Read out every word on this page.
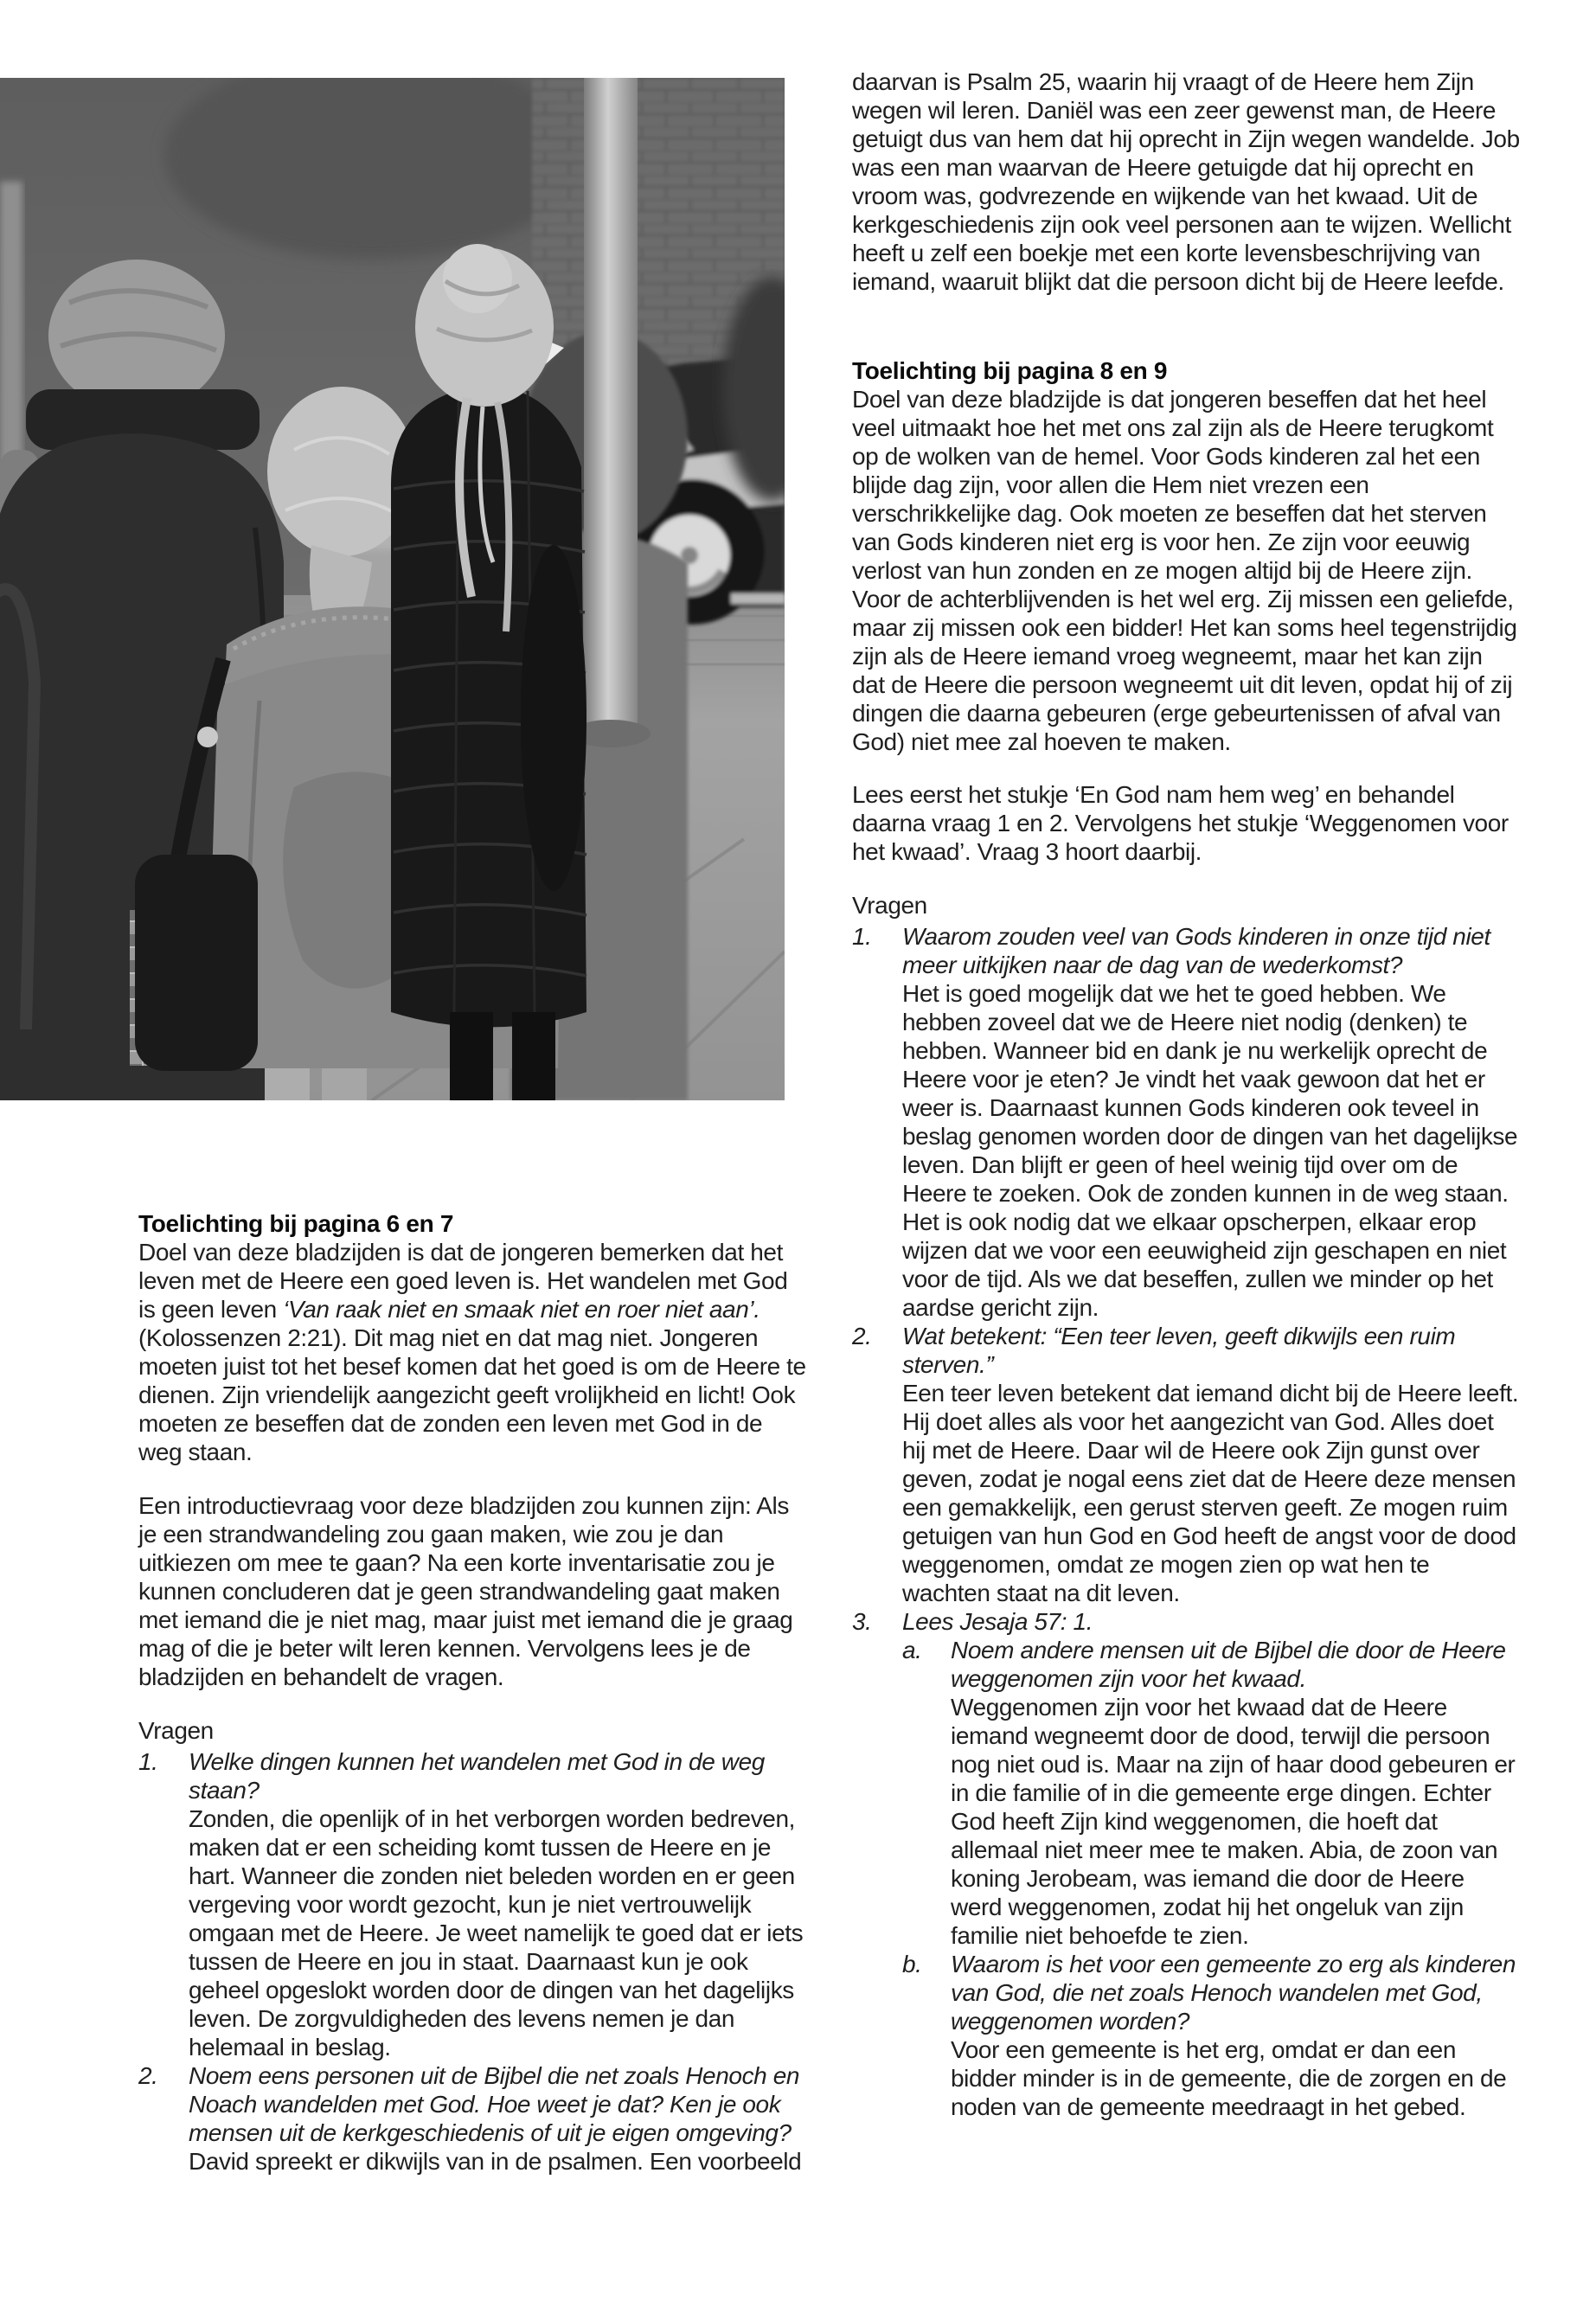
Toelichting bij pagina 6 en 7

Doel van deze bladzijden is dat de jongeren bemerken dat het leven met de Heere een goed leven is. Het wandelen met God is geen leven ‘Van raak niet en smaak niet en roer niet aan’. (Kolossenzen 2:21). Dit mag niet en dat mag niet. Jongeren moeten juist tot het besef komen dat het goed is om de Heere te dienen. Zijn vriendelijk aangezicht geeft vrolijkheid en licht! Ook moeten ze beseffen dat de zonden een leven met God in de weg staan.

Een introductievraag voor deze bladzijden zou kunnen zijn: Als je een strandwandeling zou gaan maken, wie zou je dan uitkiezen om mee te gaan? Na een korte inventarisatie zou je kunnen concluderen dat je geen strandwandeling gaat maken met iemand die je niet mag, maar juist met iemand die je graag mag of die je beter wilt leren kennen. Vervolgens lees je de bladzijden en behandelt de vragen.

Vragen

1.	Welke dingen kunnen het wandelen met God in de weg staan?

Zonden, die openlijk of in het verborgen worden bedreven, maken dat er een scheiding komt tussen de Heere en je hart. Wanneer die zonden niet beleden worden en er geen vergeving voor wordt gezocht, kun je niet vertrouwelijk omgaan met de Heere. Je weet namelijk te goed dat er iets tussen de Heere en jou in staat. Daarnaast kun je ook geheel opgeslokt worden door de dingen van het dagelijks leven. De zorgvuldigheden des levens nemen je dan helemaal in beslag.

2.	Noem eens personen uit de Bijbel die net zoals Henoch en Noach wandelden met God. Hoe weet je dat? Ken je ook mensen uit de kerkgeschiedenis of uit je eigen omgeving?

David spreekt er dikwijls van in de psalmen. Een voorbeeld

daarvan is Psalm 25, waarin hij vraagt of de Heere hem Zijn wegen wil leren. Daniël was een zeer gewenst man, de Heere getuigt dus van hem dat hij oprecht in Zijn wegen wandelde. Job was een man waarvan de Heere getuigde dat hij oprecht en vroom was, godvrezende en wijkende van het kwaad. Uit de kerkgeschiedenis zijn ook veel personen aan te wijzen. Wellicht heeft u zelf een boekje met een korte levensbeschrijving van iemand, waaruit blijkt dat die persoon dicht bij de Heere leefde.

Toelichting bij pagina 8 en 9

Doel van deze bladzijde is dat jongeren beseffen dat het heel veel uitmaakt hoe het met ons zal zijn als de Heere terugkomt op de wolken van de hemel. Voor Gods kinderen zal het een blijde dag zijn, voor allen die Hem niet vrezen een verschrikkelijke dag. Ook moeten ze beseffen dat het sterven van Gods kinderen niet erg is voor hen. Ze zijn voor eeuwig verlost van hun zonden en ze mogen altijd bij de Heere zijn. Voor de achterblijvenden is het wel erg. Zij missen een geliefde, maar zij missen ook een bidder! Het kan soms heel tegenstrijdig zijn als de Heere iemand vroeg wegneemt, maar het kan zijn dat de Heere die persoon wegneemt uit dit leven, opdat hij of zij dingen die daarna gebeuren (erge gebeurtenissen of afval van God) niet mee zal hoeven te maken.

Lees eerst het stukje ‘En God nam hem weg’ en behandel daarna vraag 1 en 2. Vervolgens het stukje ‘Weggenomen voor het kwaad’. Vraag 3 hoort daarbij.

Vragen

1.	Waarom zouden veel van Gods kinderen in onze tijd niet meer uitkijken naar de dag van de wederkomst?

Het is goed mogelijk dat we het te goed hebben. We hebben zoveel dat we de Heere niet nodig (denken) te hebben. Wanneer bid en dank je nu werkelijk oprecht de Heere voor je eten? Je vindt het vaak gewoon dat het er weer is. Daarnaast kunnen Gods kinderen ook teveel in beslag genomen worden door de dingen van het dagelijkse leven. Dan blijft er geen of heel weinig tijd over om de Heere te zoeken. Ook de zonden kunnen in de weg staan. Het is ook nodig dat we elkaar opscherpen, elkaar erop wijzen dat we voor een eeuwigheid zijn geschapen en niet voor de tijd. Als we dat beseffen, zullen we minder op het aardse gericht zijn.

2.	Wat betekent: “Een teer leven, geeft dikwijls een ruim sterven.”

Een teer leven betekent dat iemand dicht bij de Heere leeft. Hij doet alles als voor het aangezicht van God. Alles doet hij met de Heere. Daar wil de Heere ook Zijn gunst over geven, zodat je nogal eens ziet dat de Heere deze mensen een gemakkelijk, een gerust sterven geeft. Ze mogen ruim getuigen van hun God en God heeft de angst voor de dood weggenomen, omdat ze mogen zien op wat hen te wachten staat na dit leven.

3.	Lees Jesaja 57: 1.

a.	Noem andere mensen uit de Bijbel die door de Heere weggenomen zijn voor het kwaad.

Weggenomen zijn voor het kwaad dat de Heere iemand wegneemt door de dood, terwijl die persoon nog niet oud is. Maar na zijn of haar dood gebeuren er in die familie of in die gemeente erge dingen. Echter God heeft Zijn kind weggenomen, die hoeft dat allemaal niet meer mee te maken. Abia, de zoon van koning Jerobeam, was iemand die door de Heere werd weggenomen, zodat hij het ongeluk van zijn familie niet behoefde te zien.

b.	Waarom is het voor een gemeente zo erg als kinderen van God, die net zoals Henoch wandelen met God, weggenomen worden?

Voor een gemeente is het erg, omdat er dan een bidder minder is in de gemeente, die de zorgen en de noden van de gemeente meedraagt in het gebed.
